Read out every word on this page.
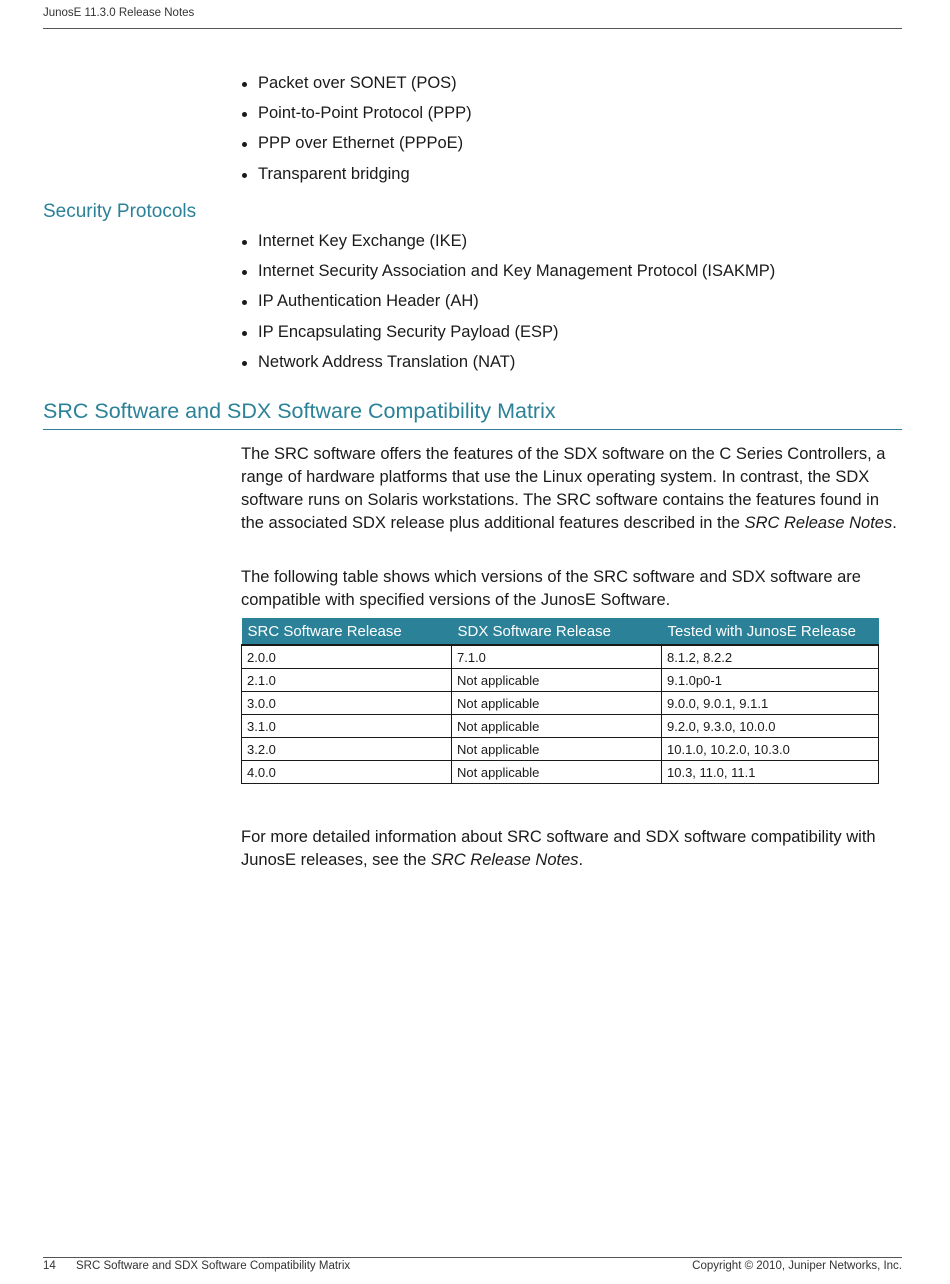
JunosE 11.3.0 Release Notes
Packet over SONET (POS)
Point-to-Point Protocol (PPP)
PPP over Ethernet (PPPoE)
Transparent bridging
Security Protocols
Internet Key Exchange (IKE)
Internet Security Association and Key Management Protocol (ISAKMP)
IP Authentication Header (AH)
IP Encapsulating Security Payload (ESP)
Network Address Translation (NAT)
SRC Software and SDX Software Compatibility Matrix

The SRC software offers the features of the SDX software on the C Series Controllers, a range of hardware platforms that use the Linux operating system. In contrast, the SDX software runs on Solaris workstations. The SRC software contains the features found in the associated SDX release plus additional features described in the SRC Release Notes.

The following table shows which versions of the SRC software and SDX software are compatible with specified versions of the JunosE Software.

SRC Software Release	SDX Software Release	Tested with JunosE Release
2.0.0	7.1.0	8.1.2, 8.2.2
2.1.0	Not applicable	9.1.0p0-1
3.0.0	Not applicable	9.0.0, 9.0.1, 9.1.1
3.1.0	Not applicable	9.2.0, 9.3.0, 10.0.0
3.2.0	Not applicable	10.1.0, 10.2.0, 10.3.0
4.0.0	Not applicable	10.3, 11.0, 11.1

For more detailed information about SRC software and SDX software compatibility with JunosE releases, see the SRC Release Notes.

14 SRC Software and SDX Software Compatibility Matrix	Copyright © 2010, Juniper Networks, Inc.
